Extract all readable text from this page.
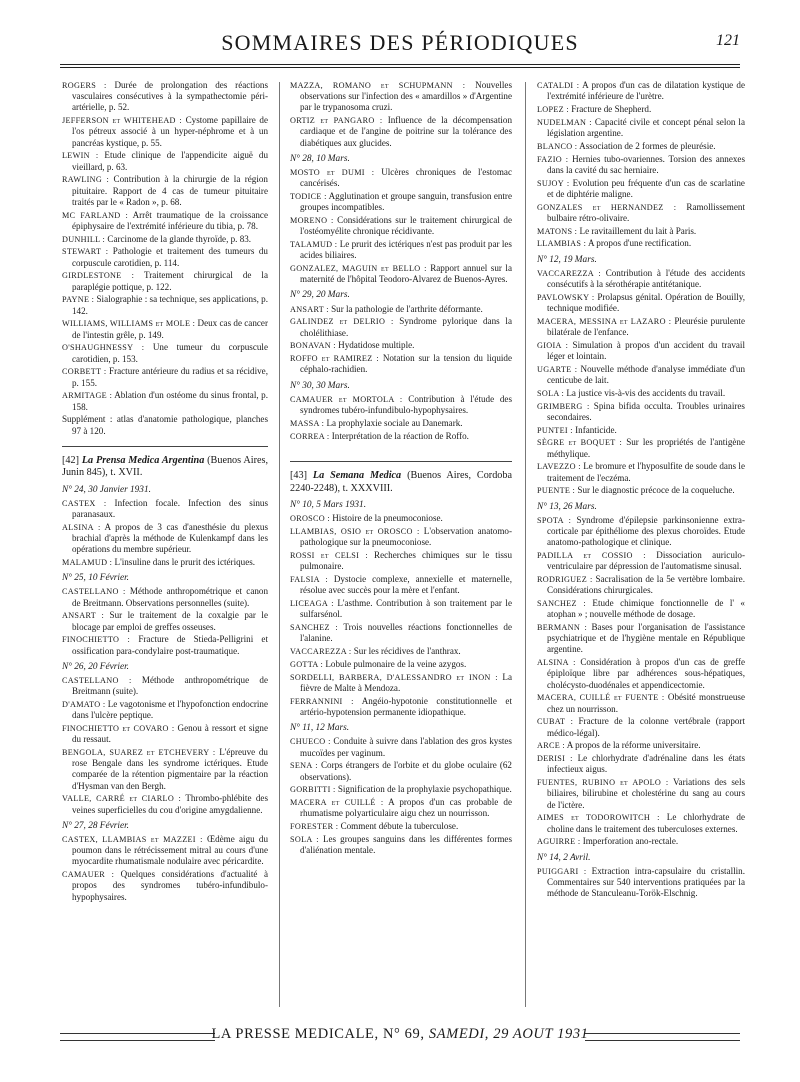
SOMMAIRES DES PÉRIODIQUES	121

ROGERS : Durée de prolongation des réactions vasculaires consécutives à la sympathectomie péri-artérielle, p. 52.

JEFFERSON et WHITEHEAD : Cystome papillaire de l'os pétreux associé à un hyper-néphrome et à un pancréas kystique, p. 55.

LEWIN : Etude clinique de l'appendicite aiguë du vieillard, p. 63.

RAWLING : Contribution à la chirurgie de la région pituitaire. Rapport de 4 cas de tumeur pituitaire traités par le « Radon », p. 68.

MC FARLAND : Arrêt traumatique de la croissance épiphysaire de l'extrémité inférieure du tibia, p. 78.

DUNHILL : Carcinome de la glande thyroïde, p. 83.

STEWART : Pathologie et traitement des tumeurs du corpuscule carotidien, p. 114.

GIRDLESTONE : Traitement chirurgical de la paraplégie pottique, p. 122.

PAYNE : Sialographie : sa technique, ses applications, p. 142.

WILLIAMS, WILLIAMS et MOLE : Deux cas de cancer de l'intestin grêle, p. 149.

O'SHAUGHNESSY : Une tumeur du corpuscule carotidien, p. 153.

CORBETT : Fracture antérieure du radius et sa récidive, p. 155.

ARMITAGE : Ablation d'un ostéome du sinus frontal, p. 158.

Supplément : atlas d'anatomie pathologique, planches 97 à 120.

[42] La Prensa Medica Argentina (Buenos Aires, Junin 845), t. XVII.
N° 24, 30 Janvier 1931.

CASTEX : Infection focale. Infection des sinus paranasaux.

ALSINA : A propos de 3 cas d'anesthésie du plexus brachial d'après la méthode de Kulenkampf dans les opérations du membre supérieur.

MALAMUD : L'insuline dans le prurit des ictériques.

N° 25, 10 Février.

CASTELLANO : Méthode anthropométrique et canon de Breitmann. Observations personnelles (suite).

ANSART : Sur le traitement de la coxalgie par le blocage par emploi de greffes osseuses.

FINOCHIETTO : Fracture de Stieda-Pelligrini et ossification para-condylaire post-traumatique.

N° 26, 20 Février.

CASTELLANO : Méthode anthropométrique de Breitmann (suite).

D'AMATO : Le vagotonisme et l'hypofonction endocrine dans l'ulcère peptique.

FINOCHIETTO et COVARO : Genou à ressort et signe du ressaut.

BENGOLA, SUAREZ et ETCHEVERY : L'épreuve du rose Bengale dans les syndrome ictériques. Etude comparée de la rétention pigmentaire par la réaction d'Hysman van den Bergh.

VALLE, CARRÉ et CIARLO : Thrombo-phlébite des veines superficielles du cou d'origine amygdalienne.

N° 27, 28 Février.

CASTEX, LLAMBIAS et MAZZEI : Œdème aigu du poumon dans le rétrécissement mitral au cours d'une myocardite rhumatismale nodulaire avec péricardite.

CAMAUER : Quelques considérations d'actualité à propos des syndromes tubéro-infundibulo-hypophysaires.

MAZZA, ROMANO et SCHUPMANN : Nouvelles observations sur l'infection des « amardillos » d'Argentine par le trypanosoma cruzi.

ORTIZ et PANGARO : Influence de la décompensation cardiaque et de l'angine de poitrine sur la tolérance des diabétiques aux glucides.

N° 28, 10 Mars.

MOSTO et DUMI : Ulcères chroniques de l'estomac cancérisés.

TODICE : Agglutination et groupe sanguin, transfusion entre groupes incompatibles.

MORENO : Considérations sur le traitement chirurgical de l'ostéomyélite chronique récidivante.

TALAMUD : Le prurit des ictériques n'est pas produit par les acides biliaires.

GONZALEZ, MAGUIN et BELLO : Rapport annuel sur la maternité de l'hôpital Teodoro-Alvarez de Buenos-Ayres.

N° 29, 20 Mars.

ANSART : Sur la pathologie de l'arthrite déformante.

GALINDEZ et DELRIO : Syndrome pylorique dans la cholélithiase.

BONAVAN : Hydatidose multiple.

ROFFO et RAMIREZ : Notation sur la tension du liquide céphalo-rachidien.

N° 30, 30 Mars.

CAMAUER et MORTOLA : Contribution à l'étude des syndromes tubéro-infundibulo-hypophysaires.

MASSA : La prophylaxie sociale au Danemark.

CORREA : Interprétation de la réaction de Roffo.

[43] La Semana Medica (Buenos Aires, Cordoba 2240-2248), t. XXXVIII.
N° 10, 5 Mars 1931.

OROSCO : Histoire de la pneumoconiose.

LLAMBIAS, OSIO et OROSCO : L'observation anatomo-pathologique sur la pneumoconiose.

ROSSI et CELSI : Recherches chimiques sur le tissu pulmonaire.

FALSIA : Dystocie complexe, annexielle et maternelle, résolue avec succès pour la mère et l'enfant.

LICEAGA : L'asthme. Contribution à son traitement par le sulfarsénol.

SANCHEZ : Trois nouvelles réactions fonctionnelles de l'alanine.

VACCAREZZA : Sur les récidives de l'anthrax.

GOTTA : Lobule pulmonaire de la veine azygos.

SORDELLI, BARBERA, D'ALESSANDRO et INON : La fièvre de Malte à Mendoza.

FERRANNINI : Angéio-hypotonie constitutionnelle et artério-hypotension permanente idiopathique.

N° 11, 12 Mars.

CHUECO : Conduite à suivre dans l'ablation des gros kystes mucoïdes per vaginum.

SENA : Corps étrangers de l'orbite et du globe oculaire (62 observations).

GORBITTI : Signification de la prophylaxie psychopathique.

MACERA et CUILLÉ : A propos d'un cas probable de rhumatisme polyarticulaire aigu chez un nourrisson.

FORESTER : Comment débute la tuberculose.

SOLA : Les groupes sanguins dans les différentes formes d'aliénation mentale.

CATALDI : A propos d'un cas de dilatation kystique de l'extrémité inférieure de l'urètre.

LOPEZ : Fracture de Shepherd.

NUDELMAN : Capacité civile et concept pénal selon la législation argentine.

BLANCO : Association de 2 formes de pleurésie.

FAZIO : Hernies tubo-ovariennes. Torsion des annexes dans la cavité du sac herniaire.

SUJOY : Evolution peu fréquente d'un cas de scarlatine et de diphtérie maligne.

GONZALES et HERNANDEZ : Ramollissement bulbaire rétro-olivaire.

MATONS : Le ravitaillement du lait à Paris.

LLAMBIAS : A propos d'une rectification.

N° 12, 19 Mars.

VACCAREZZA : Contribution à l'étude des accidents consécutifs à la sérothérapie antitétanique.

PAVLOWSKY : Prolapsus génital. Opération de Bouilly, technique modifiée.

MACERA, MESSINA et LAZARO : Pleurésie purulente bilatérale de l'enfance.

GIOIA : Simulation à propos d'un accident du travail léger et lointain.

UGARTE : Nouvelle méthode d'analyse immédiate d'un centicube de lait.

SOLA : La justice vis-à-vis des accidents du travail.

GRIMBERG : Spina bifida occulta. Troubles urinaires secondaires.

PUNTEI : Infanticide.

SÈGRE et BOQUET : Sur les propriétés de l'antigène méthylique.

LAVEZZO : Le bromure et l'hyposulfite de soude dans le traitement de l'eczéma.

PUENTE : Sur le diagnostic précoce de la coqueluche.

N° 13, 26 Mars.

SPOTA : Syndrome d'épilepsie parkinsonienne extra-corticale par épithéliome des plexus choroïdes. Etude anatomo-pathologique et clinique.

PADILLA et COSSIO : Dissociation auriculo-ventriculaire par dépression de l'automatisme sinusal.

RODRIGUEZ : Sacralisation de la 5e vertèbre lombaire. Considérations chirurgicales.

SANCHEZ : Etude chimique fonctionnelle de l' « atophan » ; nouvelle méthode de dosage.

BERMANN : Bases pour l'organisation de l'assistance psychiatrique et de l'hygiène mentale en République argentine.

ALSINA : Considération à propos d'un cas de greffe épiploïque libre par adhérences sous-hépatiques, cholécysto-duodénales et appendicectomie.

MACERA, CUILLÉ et FUENTE : Obésité monstrueuse chez un nourrisson.

CUBAT : Fracture de la colonne vertébrale (rapport médico-légal).

ARCE : A propos de la réforme universitaire.

DERISI : Le chlorhydrate d'adrénaline dans les états infectieux aigus.

FUENTES, RUBINO et APOLO : Variations des sels biliaires, bilirubine et cholestérine du sang au cours de l'ictère.

AIMES et TODOROWITCH : Le chlorhydrate de choline dans le traitement des tuberculoses externes.

AGUIRRE : Imperforation ano-rectale.

N° 14, 2 Avril.

PUIGGARI : Extraction intra-capsulaire du cristallin. Commentaires sur 540 interventions pratiquées par la méthode de Stanculeanu-Torök-Elschnig.

LA PRESSE MEDICALE, N° 69, SAMEDI, 29 AOUT 1931
